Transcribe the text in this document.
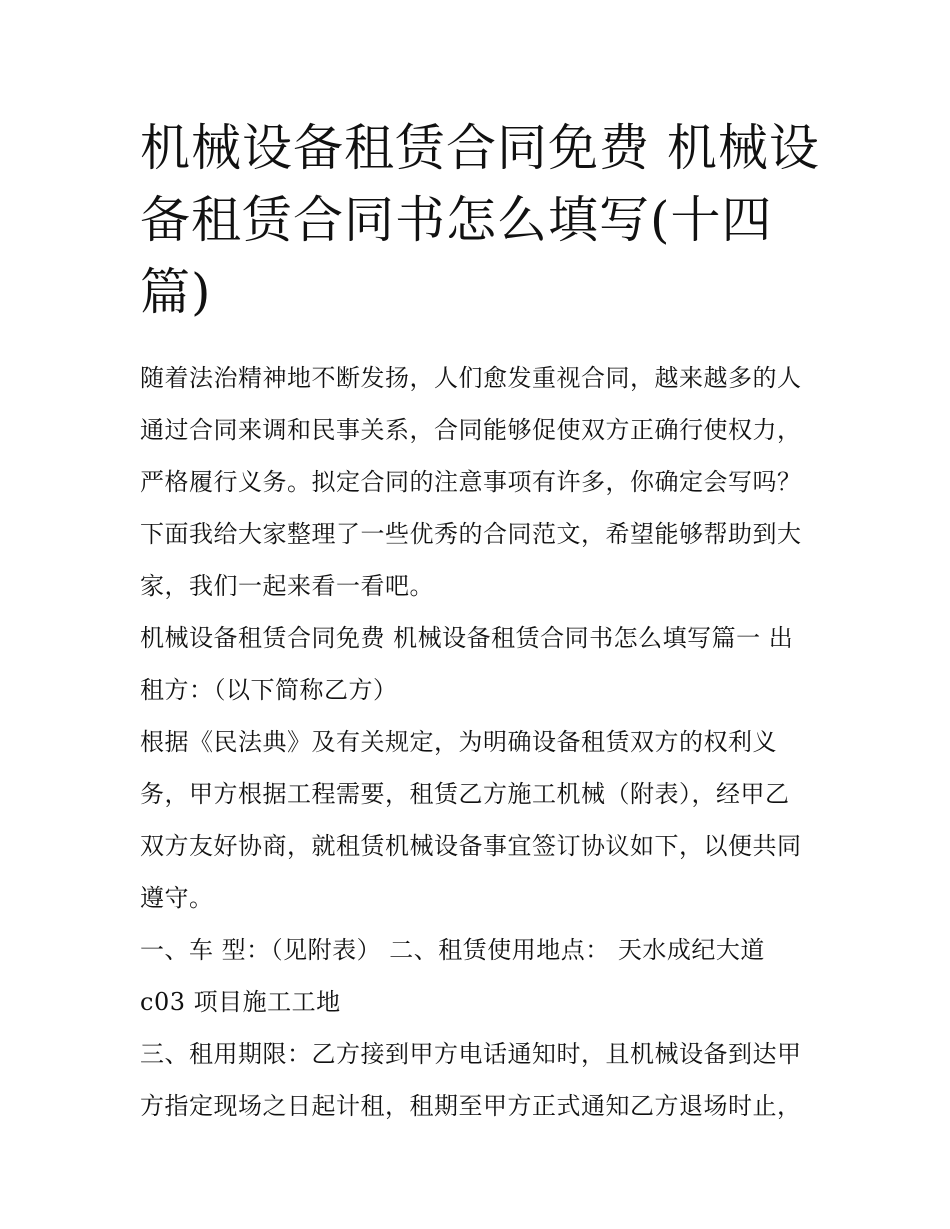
机械设备租赁合同免费 机械设
备租赁合同书怎么填写(十四
篇)
随着法治精神地不断发扬，人们愈发重视合同，越来越多的人
通过合同来调和民事关系，合同能够促使双方正确行使权力，
严格履行义务。拟定合同的注意事项有许多，你确定会写吗？
下面我给大家整理了一些优秀的合同范文，希望能够帮助到大
家，我们一起来看一看吧。
机械设备租赁合同免费 机械设备租赁合同书怎么填写篇一 出
租方：（以下简称乙方）
根据《民法典》及有关规定，为明确设备租赁双方的权利义
务，甲方根据工程需要，租赁乙方施工机械（附表），经甲乙
双方友好协商，就租赁机械设备事宜签订协议如下，以便共同
遵守。
一、车 型：（见附表） 二、租赁使用地点： 天水成纪大道
c03 项目施工工地
三、租用期限：乙方接到甲方电话通知时，且机械设备到达甲
方指定现场之日起计租，租期至甲方正式通知乙方退场时止，
